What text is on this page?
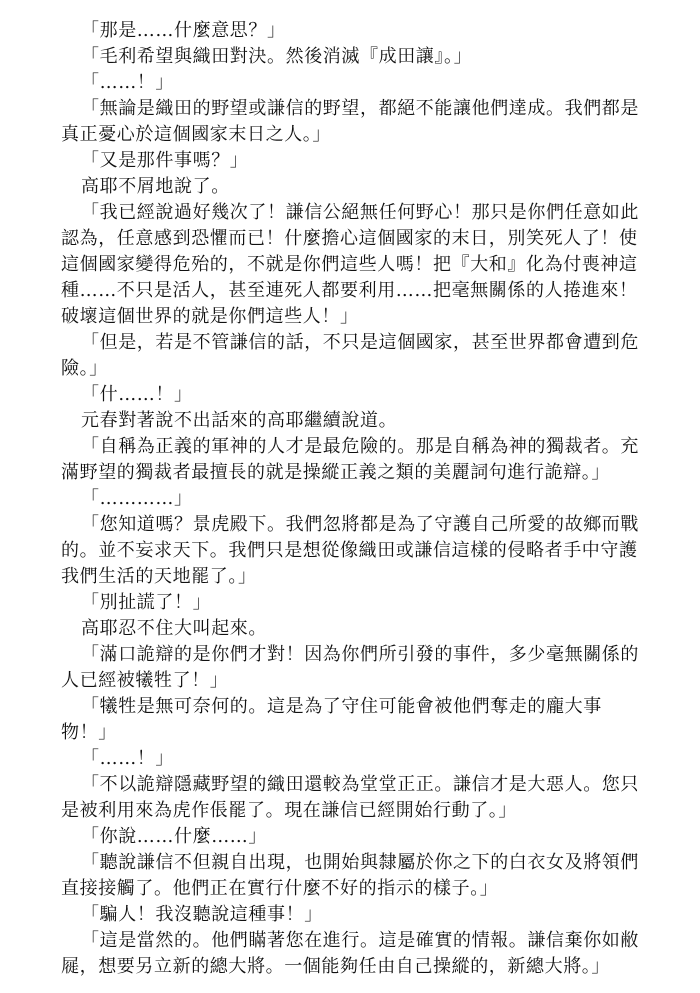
「那是……什麼意思？」

「毛利希望與織田對決。然後消滅『成田讓』。」

「……！」

「無論是織田的野望或謙信的野望，都絕不能讓他們達成。我們都是真正憂心於這個國家末日之人。」

「又是那件事嗎？」

高耶不屑地說了。

「我已經說過好幾次了！謙信公絕無任何野心！那只是你們任意如此認為，任意感到恐懼而已！什麼擔心這個國家的末日，別笑死人了！使這個國家變得危殆的，不就是你們這些人嗎！把『大和』化為付喪神這種……不只是活人，甚至連死人都要利用……把毫無關係的人捲進來！破壞這個世界的就是你們這些人！」

「但是，若是不管謙信的話，不只是這個國家，甚至世界都會遭到危險。」

「什……！」

元春對著說不出話來的高耶繼續說道。

「自稱為正義的軍神的人才是最危險的。那是自稱為神的獨裁者。充滿野望的獨裁者最擅長的就是操縱正義之類的美麗詞句進行詭辯。」

「…………」

「您知道嗎？景虎殿下。我們忽將都是為了守護自己所愛的故鄉而戰的。並不妄求天下。我們只是想從像織田或謙信這樣的侵略者手中守護我們生活的天地罷了。」

「別扯謊了！」

高耶忍不住大叫起來。

「滿口詭辯的是你們才對！因為你們所引發的事件，多少毫無關係的人已經被犧牲了！」

「犧牲是無可奈何的。這是為了守住可能會被他們奪走的龐大事物！」

「……！」

「不以詭辯隱藏野望的織田還較為堂堂正正。謙信才是大惡人。您只是被利用來為虎作倀罷了。現在謙信已經開始行動了。」

「你說……什麼……」

「聽說謙信不但親自出現，也開始與隸屬於你之下的白衣女及將領們直接接觸了。他們正在實行什麼不好的指示的樣子。」

「騙人！我沒聽說這種事！」

「這是當然的。他們瞞著您在進行。這是確實的情報。謙信棄你如敝屣，想要另立新的總大將。一個能夠任由自己操縱的，新總大將。」
